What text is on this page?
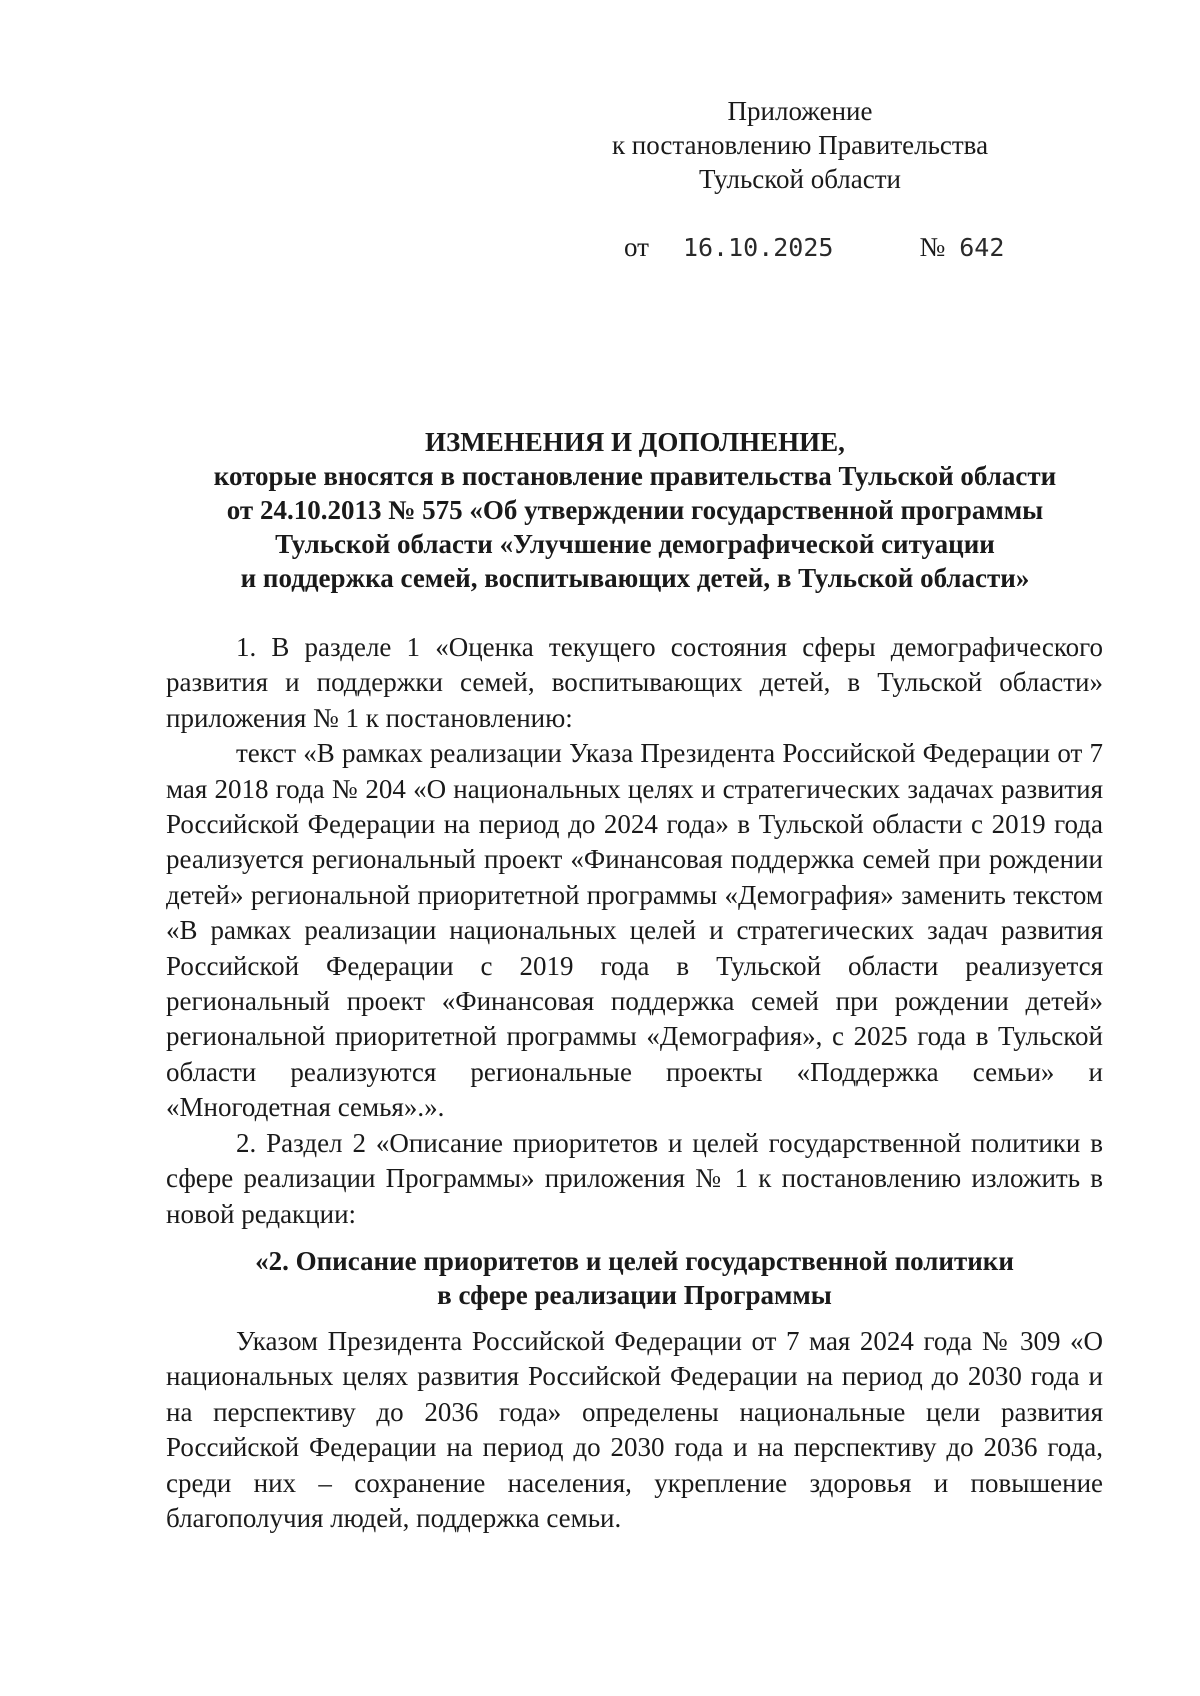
Приложение
к постановлению Правительства
Тульской области
от 16.10.2025	№ 642
ИЗМЕНЕНИЯ И ДОПОЛНЕНИЕ,
которые вносятся в постановление правительства Тульской области
от 24.10.2013 № 575 «Об утверждении государственной программы
Тульской области «Улучшение демографической ситуации
и поддержка семей, воспитывающих детей, в Тульской области»

1. В разделе 1 «Оценка текущего состояния сферы демографического развития и поддержки семей, воспитывающих детей, в Тульской области» приложения № 1 к постановлению:

текст «В рамках реализации Указа Президента Российской Федерации от 7 мая 2018 года № 204 «О национальных целях и стратегических задачах развития Российской Федерации на период до 2024 года» в Тульской области с 2019 года реализуется региональный проект «Финансовая поддержка семей при рождении детей» региональной приоритетной программы «Демография» заменить текстом «В рамках реализации национальных целей и стратегических задач развития Российской Федерации с 2019 года в Тульской области реализуется региональный проект «Финансовая поддержка семей при рождении детей» региональной приоритетной программы «Демография», с 2025 года в Тульской области реализуются региональные проекты «Поддержка семьи» и «Многодетная семья».».

2. Раздел 2 «Описание приоритетов и целей государственной политики в сфере реализации Программы» приложения № 1 к постановлению изложить в новой редакции:

«2. Описание приоритетов и целей государственной политики
в сфере реализации Программы

Указом Президента Российской Федерации от 7 мая 2024 года № 309 «О национальных целях развития Российской Федерации на период до 2030 года и на перспективу до 2036 года» определены национальные цели развития Российской Федерации на период до 2030 года и на перспективу до 2036 года, среди них – сохранение населения, укрепление здоровья и повышение благополучия людей, поддержка семьи.
